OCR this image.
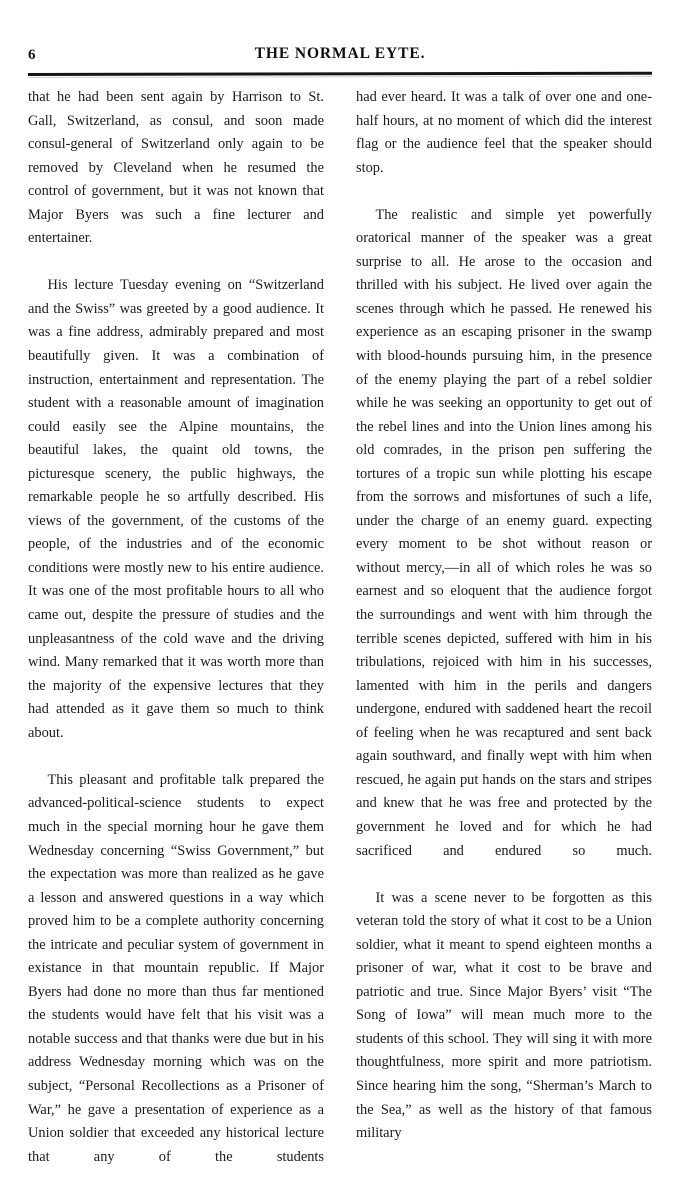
6	THE NORMAL EYTE.

that he had been sent again by Harrison to St. Gall, Switzerland, as consul, and soon made consul-general of Switzerland only again to be removed by Cleveland when he resumed the control of government, but it was not known that Major Byers was such a fine lecturer and entertainer.

His lecture Tuesday evening on “Switzerland and the Swiss” was greeted by a good audience. It was a fine address, admirably prepared and most beautifully given. It was a combination of instruction, entertainment and representation. The student with a reasonable amount of imagination could easily see the Alpine mountains, the beautiful lakes, the quaint old towns, the picturesque scenery, the public highways, the remarkable people he so artfully described. His views of the government, of the customs of the people, of the industries and of the economic conditions were mostly new to his entire audience. It was one of the most profitable hours to all who came out, despite the pressure of studies and the unpleasantness of the cold wave and the driving wind. Many remarked that it was worth more than the majority of the expensive lectures that they had attended as it gave them so much to think about.

This pleasant and profitable talk prepared the advanced-political-science students to expect much in the special morning hour he gave them Wednesday concerning “Swiss Government,” but the expectation was more than realized as he gave a lesson and answered questions in a way which proved him to be a complete authority concerning the intricate and peculiar system of government in existance in that mountain republic. If Major Byers had done no more than thus far mentioned the students would have felt that his visit was a notable success and that thanks were due but in his address Wednesday morning which was on the subject, “Personal Recollections as a Prisoner of War,” he gave a presentation of experience as a Union soldier that exceeded any historical lecture that any of the students

had ever heard. It was a talk of over one and one-half hours, at no moment of which did the interest flag or the audience feel that the speaker should stop.

The realistic and simple yet powerfully oratorical manner of the speaker was a great surprise to all. He arose to the occasion and thrilled with his subject. He lived over again the scenes through which he passed. He renewed his experience as an escaping prisoner in the swamp with blood-hounds pursuing him, in the presence of the enemy playing the part of a rebel soldier while he was seeking an opportunity to get out of the rebel lines and into the Union lines among his old comrades, in the prison pen suffering the tortures of a tropic sun while plotting his escape from the sorrows and misfortunes of such a life, under the charge of an enemy guard. expecting every moment to be shot without reason or without mercy,—in all of which roles he was so earnest and so eloquent that the audience forgot the surroundings and went with him through the terrible scenes depicted, suffered with him in his tribulations, rejoiced with him in his successes, lamented with him in the perils and dangers undergone, endured with saddened heart the recoil of feeling when he was recaptured and sent back again southward, and finally wept with him when rescued, he again put hands on the stars and stripes and knew that he was free and protected by the government he loved and for which he had sacrificed and endured so much.

It was a scene never to be forgotten as this veteran told the story of what it cost to be a Union soldier, what it meant to spend eighteen months a prisoner of war, what it cost to be brave and patriotic and true. Since Major Byers’ visit “The Song of Iowa” will mean much more to the students of this school. They will sing it with more thoughtfulness, more spirit and more patriotism. Since hearing him the song, “Sherman’s March to the Sea,” as well as the history of that famous military
